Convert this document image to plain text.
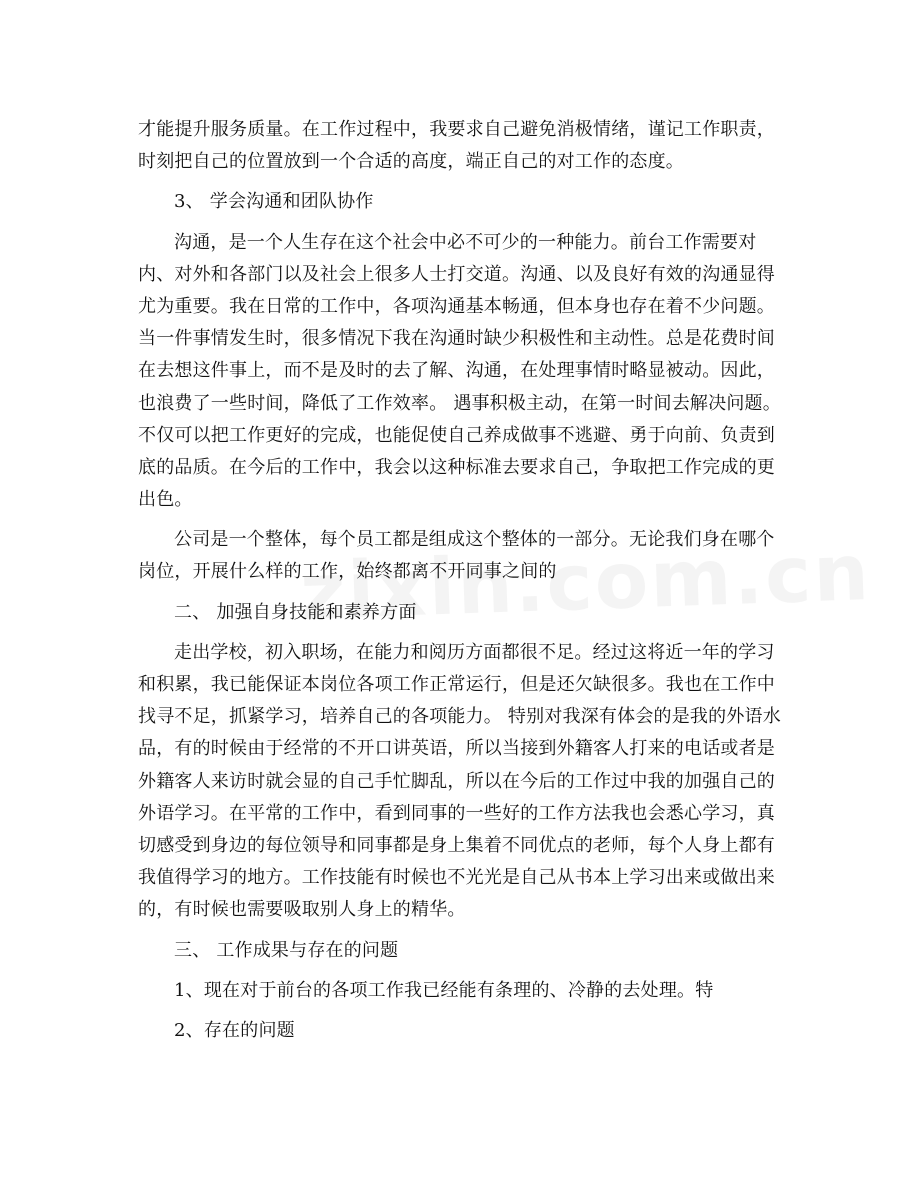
才能提升服务质量。在工作过程中，我要求自己避免消极情绪，谨记工作职责，
时刻把自己的位置放到一个合适的高度，端正自己的对工作的态度。
3、 学会沟通和团队协作
沟通，是一个人生存在这个社会中必不可少的一种能力。前台工作需要对
内、对外和各部门以及社会上很多人士打交道。沟通、以及良好有效的沟通显得
尤为重要。我在日常的工作中，各项沟通基本畅通，但本身也存在着不少问题。
当一件事情发生时，很多情况下我在沟通时缺少积极性和主动性。总是花费时间
在去想这件事上，而不是及时的去了解、沟通，在处理事情时略显被动。因此，
也浪费了一些时间，降低了工作效率。 遇事积极主动，在第一时间去解决问题。
不仅可以把工作更好的完成，也能促使自己养成做事不逃避、勇于向前、负责到
底的品质。在今后的工作中，我会以这种标准去要求自己，争取把工作完成的更
出色。
公司是一个整体，每个员工都是组成这个整体的一部分。无论我们身在哪个
岗位，开展什么样的工作，始终都离不开同事之间的
二、 加强自身技能和素养方面
走出学校，初入职场，在能力和阅历方面都很不足。经过这将近一年的学习
和积累，我已能保证本岗位各项工作正常运行，但是还欠缺很多。我也在工作中
找寻不足，抓紧学习，培养自己的各项能力。 特别对我深有体会的是我的外语水
品，有的时候由于经常的不开口讲英语，所以当接到外籍客人打来的电话或者是
外籍客人来访时就会显的自己手忙脚乱，所以在今后的工作过中我的加强自己的
外语学习。在平常的工作中，看到同事的一些好的工作方法我也会悉心学习，真
切感受到身边的每位领导和同事都是身上集着不同优点的老师，每个人身上都有
我值得学习的地方。工作技能有时候也不光光是自己从书本上学习出来或做出来
的，有时候也需要吸取别人身上的精华。
三、 工作成果与存在的问题
1、现在对于前台的各项工作我已经能有条理的、冷静的去处理。特
2、存在的问题
